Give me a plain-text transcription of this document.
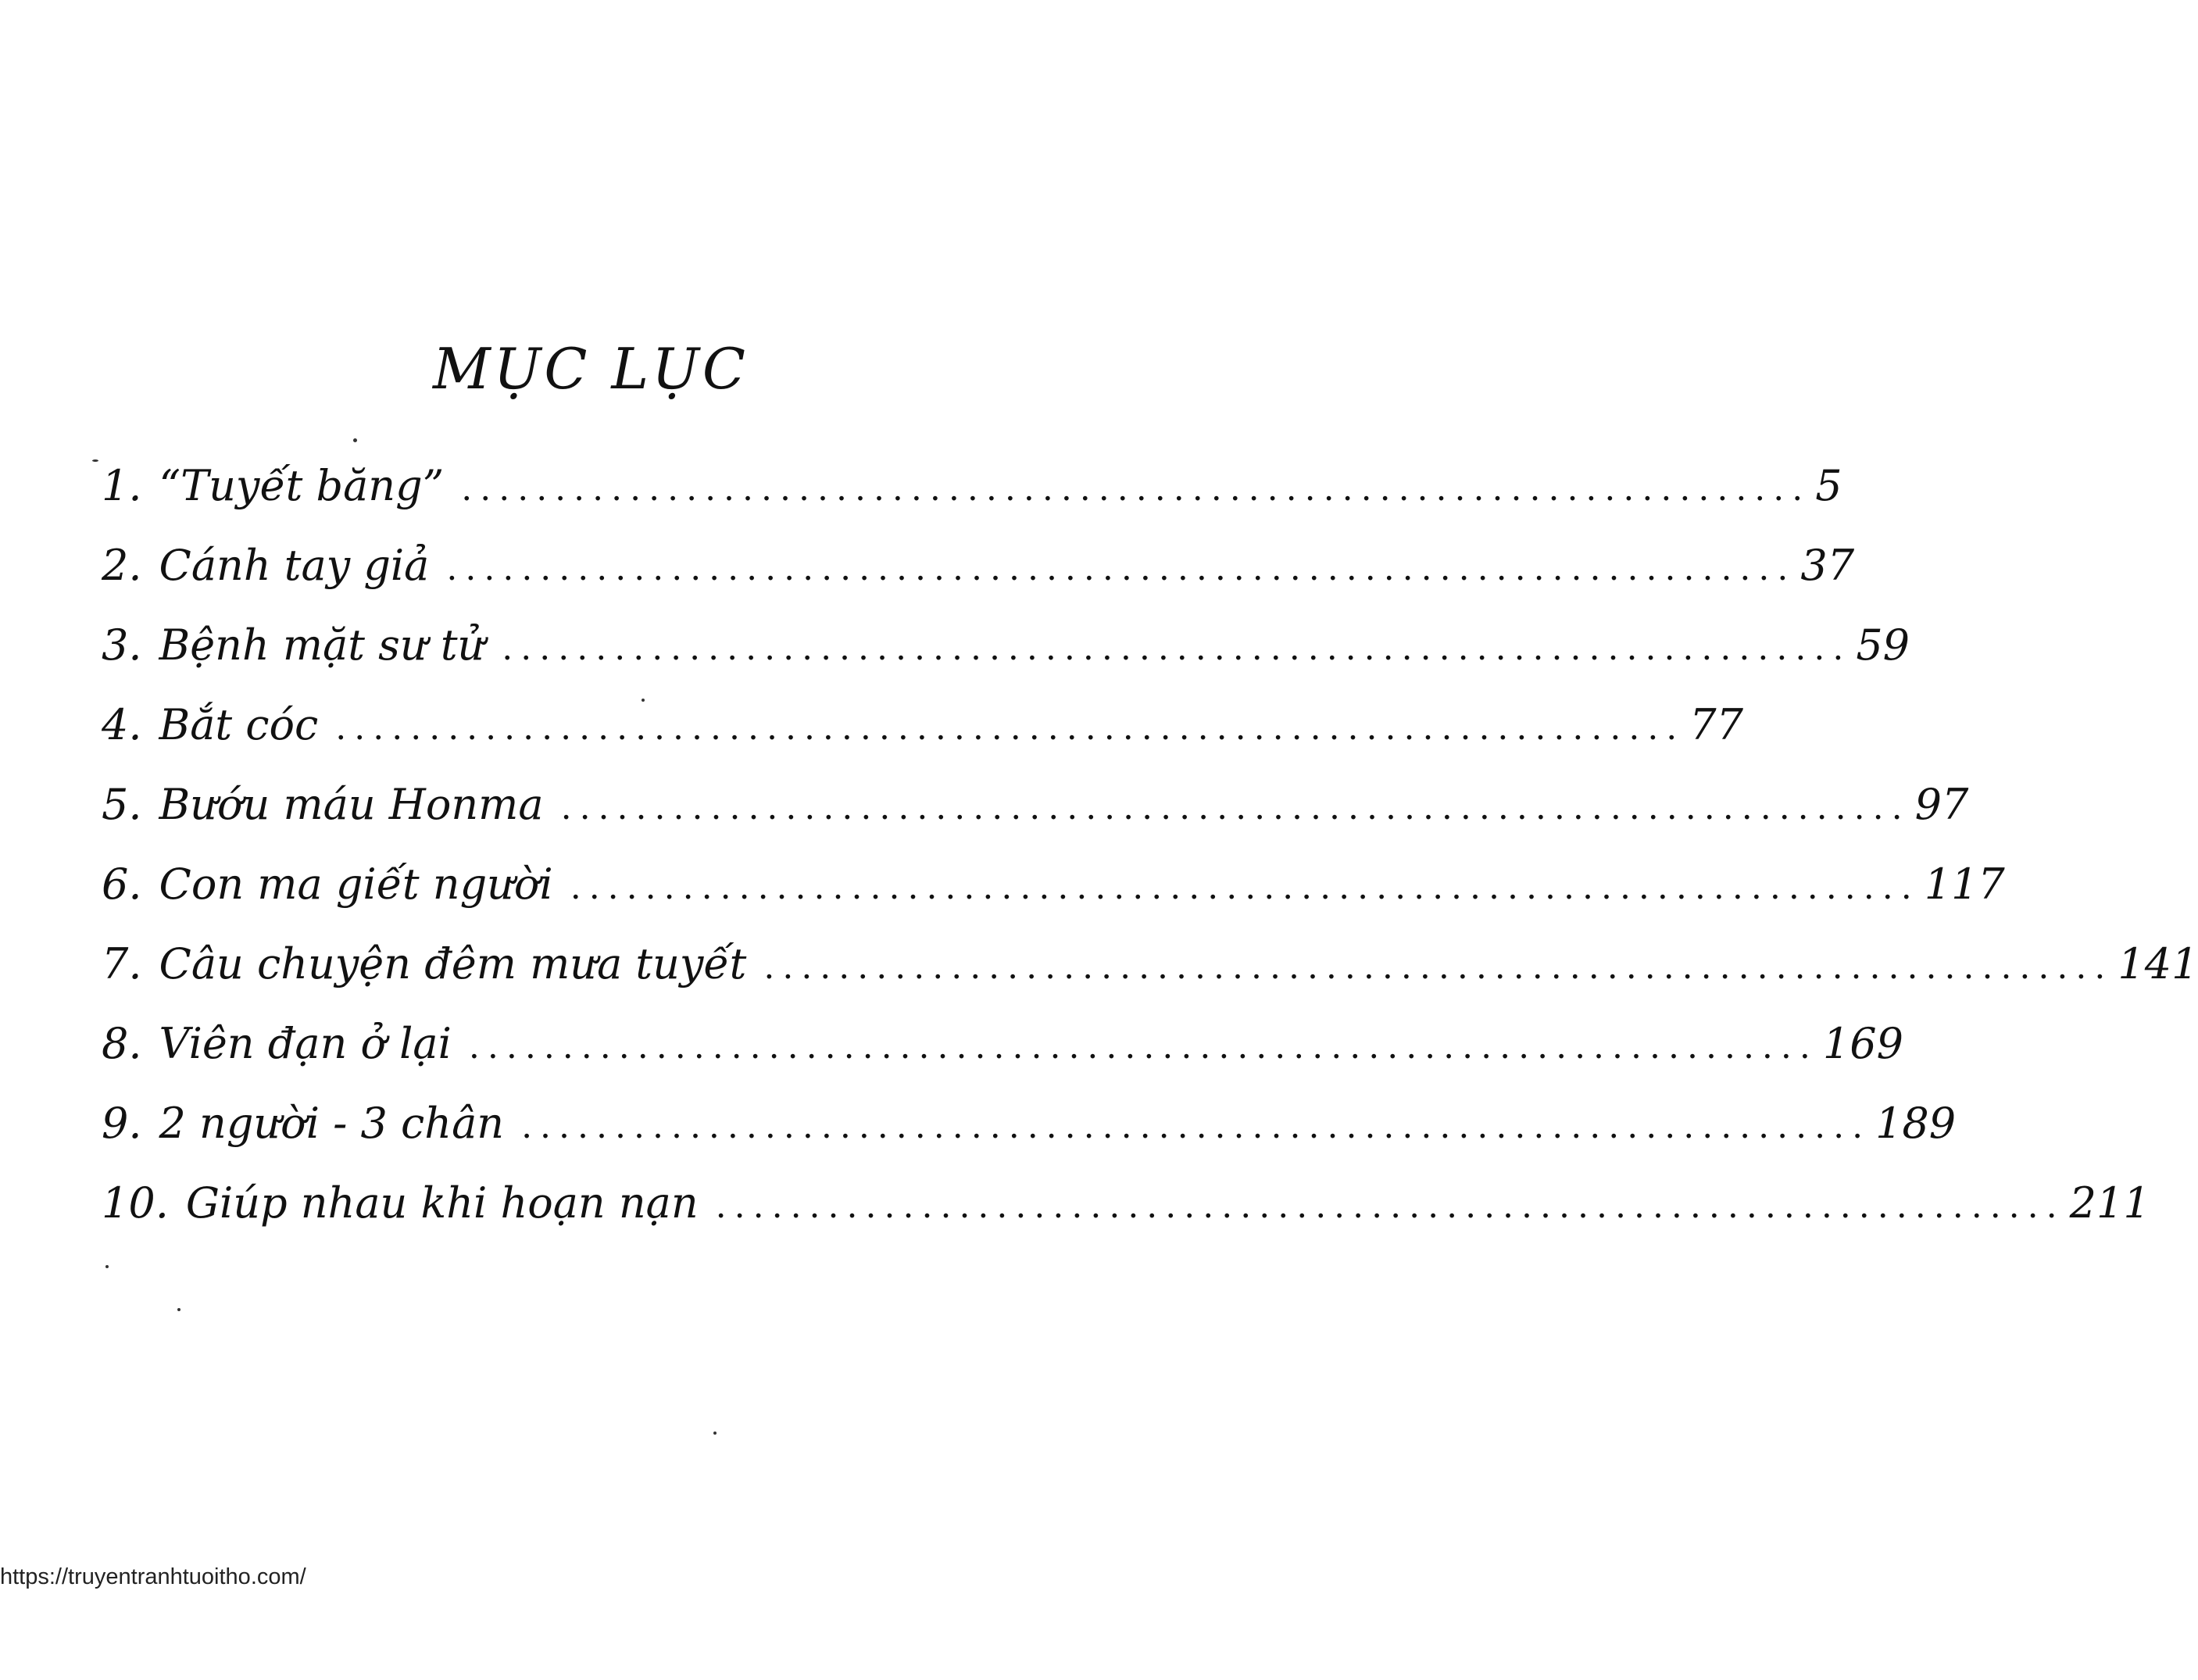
MỤC LỤC
1. “Tuyết băng” ........................................................................ 5
2. Cánh tay giả ........................................................................ 37
3. Bệnh mặt sư tử ........................................................................ 59
4. Bắt cóc ........................................................................ 77
5. Bướu máu Honma ........................................................................ 97
6. Con ma giết người ........................................................................ 117
7. Câu chuyện đêm mưa tuyết ........................................................................ 141
8. Viên đạn ở lại ........................................................................ 169
9. 2 người - 3 chân ........................................................................ 189
10. Giúp nhau khi hoạn nạn ........................................................................ 211
https://truyentranhtuoitho.com/
